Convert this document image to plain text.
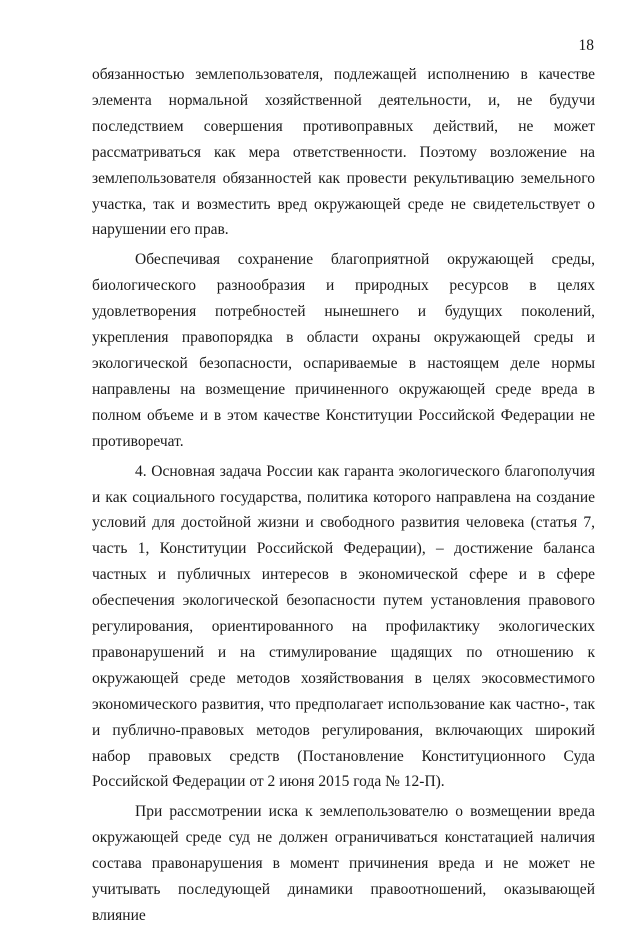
18

обязанностью землепользователя, подлежащей исполнению в качестве элемента нормальной хозяйственной деятельности, и, не будучи последствием совершения противоправных действий, не может рассматриваться как мера ответственности. Поэтому возложение на землепользователя обязанностей как провести рекультивацию земельного участка, так и возместить вред окружающей среде не свидетельствует о нарушении его прав.

Обеспечивая сохранение благоприятной окружающей среды, биологического разнообразия и природных ресурсов в целях удовлетворения потребностей нынешнего и будущих поколений, укрепления правопорядка в области охраны окружающей среды и экологической безопасности, оспариваемые в настоящем деле нормы направлены на возмещение причиненного окружающей среде вреда в полном объеме и в этом качестве Конституции Российской Федерации не противоречат.

4. Основная задача России как гаранта экологического благополучия и как социального государства, политика которого направлена на создание условий для достойной жизни и свободного развития человека (статья 7, часть 1, Конституции Российской Федерации), – достижение баланса частных и публичных интересов в экономической сфере и в сфере обеспечения экологической безопасности путем установления правового регулирования, ориентированного на профилактику экологических правонарушений и на стимулирование щадящих по отношению к окружающей среде методов хозяйствования в целях экосовместимого экономического развития, что предполагает использование как частно-, так и публично-правовых методов регулирования, включающих широкий набор правовых средств (Постановление Конституционного Суда Российской Федерации от 2 июня 2015 года № 12-П).

При рассмотрении иска к землепользователю о возмещении вреда окружающей среде суд не должен ограничиваться констатацией наличия состава правонарушения в момент причинения вреда и не может не учитывать последующей динамики правоотношений, оказывающей влияние
